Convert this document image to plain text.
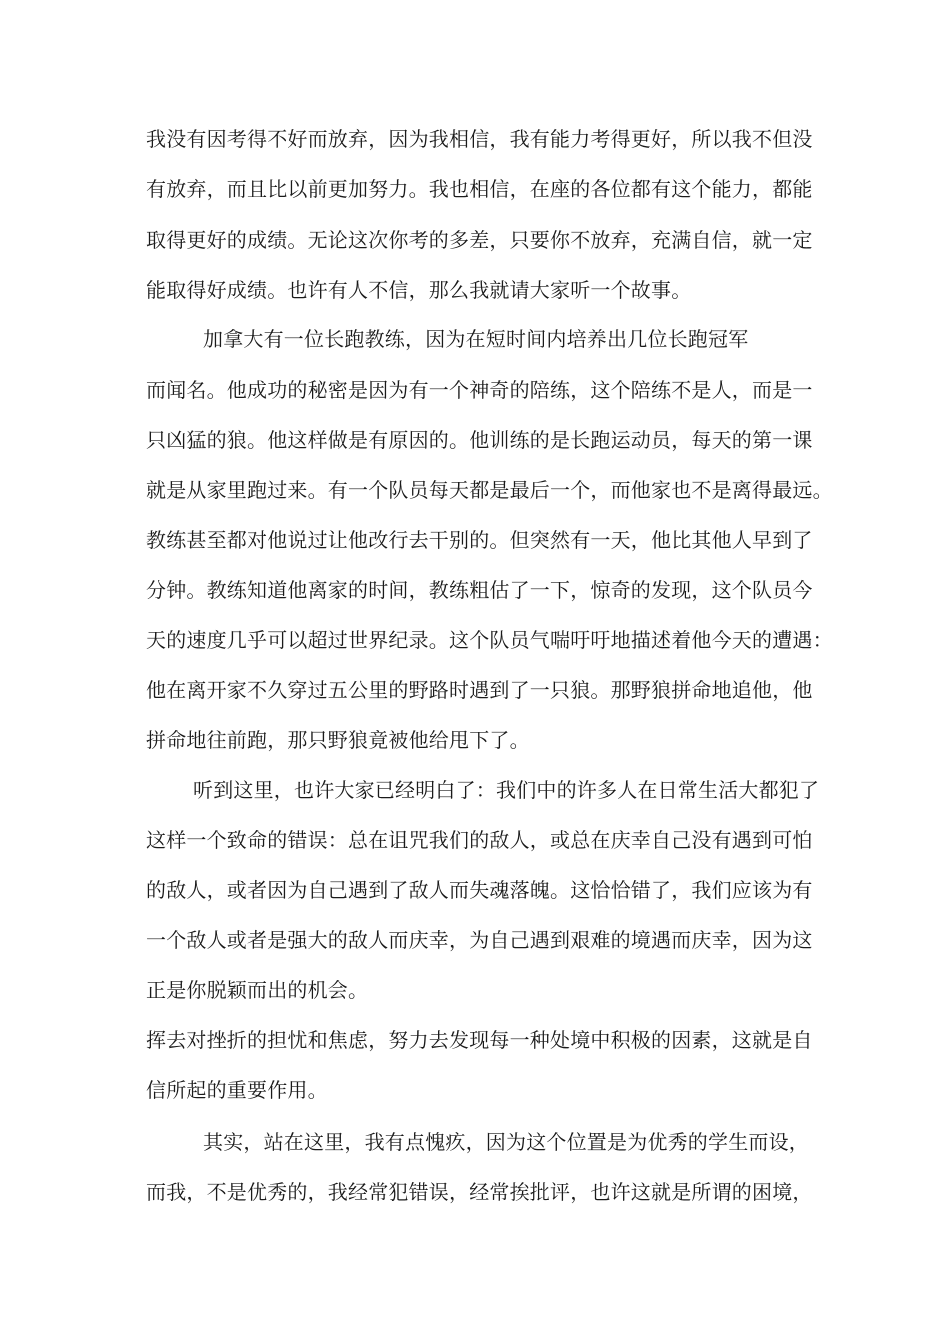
我没有因考得不好而放弃，因为我相信，我有能力考得更好，所以我不但没

有放弃，而且比以前更加努力。我也相信，在座的各位都有这个能力，都能

取得更好的成绩。无论这次你考的多差，只要你不放弃，充满自信，就一定

能取得好成绩。也许有人不信，那么我就请大家听一个故事。

加拿大有一位长跑教练，因为在短时间内培养出几位长跑冠军

而闻名。他成功的秘密是因为有一个神奇的陪练，这个陪练不是人，而是一

只凶猛的狼。他这样做是有原因的。他训练的是长跑运动员，每天的第一课

就是从家里跑过来。有一个队员每天都是最后一个，而他家也不是离得最远。

教练甚至都对他说过让他改行去干别的。但突然有一天，他比其他人早到了

分钟。教练知道他离家的时间，教练粗估了一下，惊奇的发现，这个队员今

天的速度几乎可以超过世界纪录。这个队员气喘吁吁地描述着他今天的遭遇：

他在离开家不久穿过五公里的野路时遇到了一只狼。那野狼拼命地追他，他

拼命地往前跑，那只野狼竟被他给甩下了。

听到这里，也许大家已经明白了：我们中的许多人在日常生活大都犯了

这样一个致命的错误：总在诅咒我们的敌人，或总在庆幸自己没有遇到可怕

的敌人，或者因为自己遇到了敌人而失魂落魄。这恰恰错了，我们应该为有

一个敌人或者是强大的敌人而庆幸，为自己遇到艰难的境遇而庆幸，因为这

正是你脱颖而出的机会。

挥去对挫折的担忧和焦虑，努力去发现每一种处境中积极的因素，这就是自

信所起的重要作用。

其实，站在这里，我有点愧疚，因为这个位置是为优秀的学生而设，

而我，不是优秀的，我经常犯错误，经常挨批评，也许这就是所谓的困境，
